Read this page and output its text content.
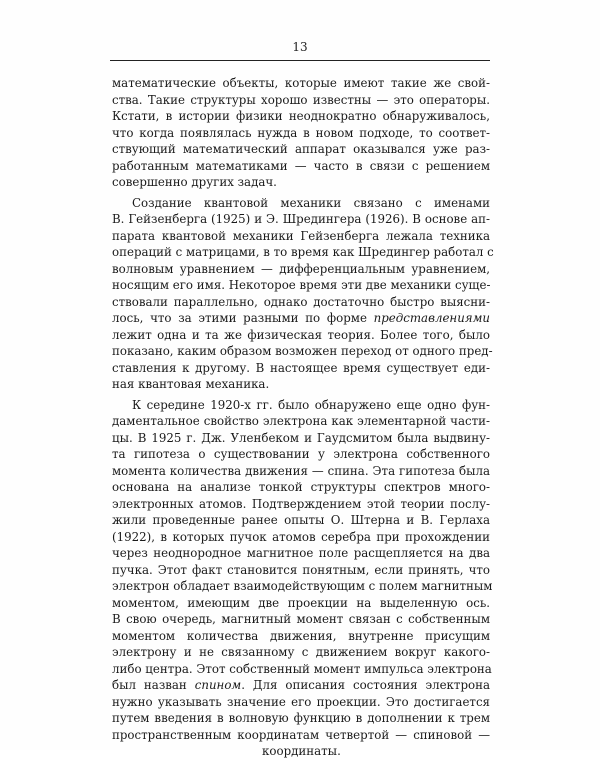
13
математические объекты, которые имеют такие же свой-
ства. Такие структуры хорошо известны — это операторы.
Кстати, в истории физики неоднократно обнаруживалось,
что когда появлялась нужда в новом подходе, то соответ-
ствующий математический аппарат оказывался уже раз-
работанным математиками — часто в связи с решением
совершенно других задач.
Создание квантовой механики связано с именами
В. Гейзенберга (1925) и Э. Шредингера (1926). В основе ап-
парата квантовой механики Гейзенберга лежала техника
операций с матрицами, в то время как Шредингер работал с
волновым уравнением — дифференциальным уравнением,
носящим его имя. Некоторое время эти две механики суще-
ствовали параллельно, однако достаточно быстро выясни-
лось, что за этими разными по форме представлениями
лежит одна и та же физическая теория. Более того, было
показано, каким образом возможен переход от одного пред-
ставления к другому. В настоящее время существует еди-
ная квантовая механика.
К середине 1920-х гг. было обнаружено еще одно фун-
даментальное свойство электрона как элементарной части-
цы. В 1925 г. Дж. Уленбеком и Гаудсмитом была выдвину-
та гипотеза о существовании у электрона собственного
момента количества движения — спина. Эта гипотеза была
основана на анализе тонкой структуры спектров много-
электронных атомов. Подтверждением этой теории послу-
жили проведенные ранее опыты О. Штерна и В. Герлаха
(1922), в которых пучок атомов серебра при прохождении
через неоднородное магнитное поле расщепляется на два
пучка. Этот факт становится понятным, если принять, что
электрон обладает взаимодействующим с полем магнитным
моментом, имеющим две проекции на выделенную ось.
В свою очередь, магнитный момент связан с собственным
моментом количества движения, внутренне присущим
электрону и не связанному с движением вокруг какого-
либо центра. Этот собственный момент импульса электрона
был назван спином. Для описания состояния электрона
нужно указывать значение его проекции. Это достигается
путем введения в волновую функцию в дополнении к трем
пространственным координатам четвертой — спиновой —
координаты.
